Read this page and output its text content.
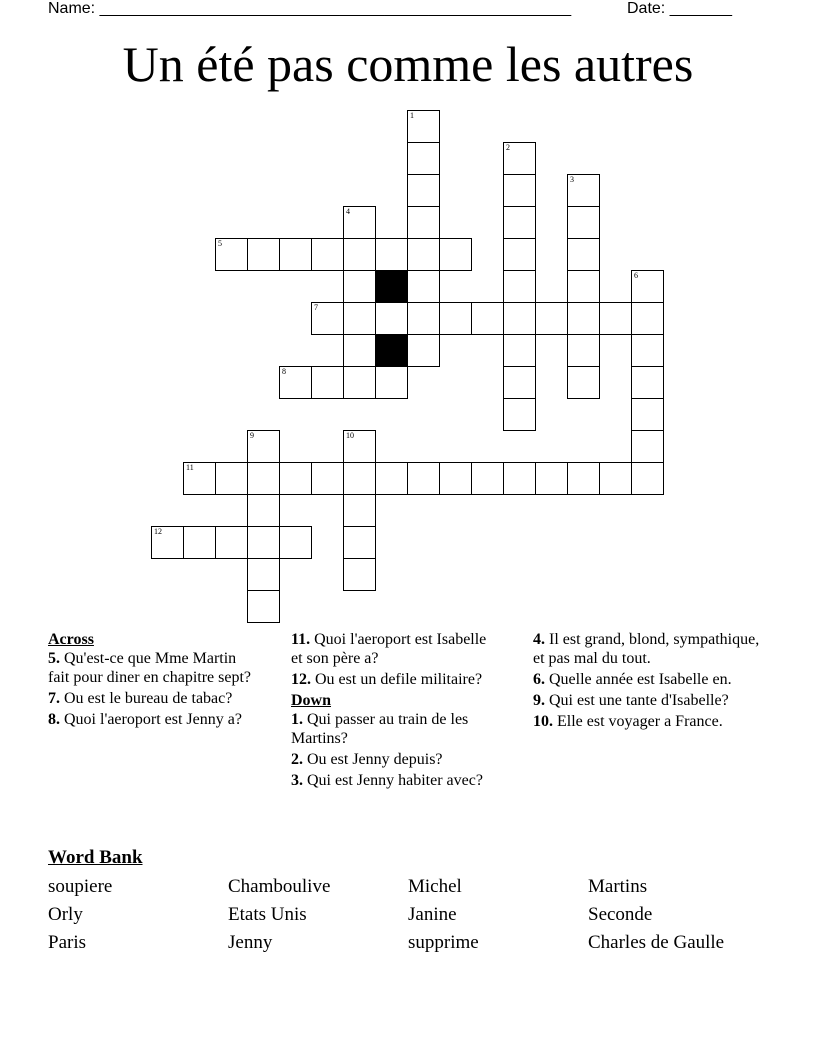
Name: _____________________________________________________	Date: _______
Un été pas comme les autres
5
7
8
11
12
1
2
3
4
6
9	10
Across
5. Qu'est-ce que Mme Martin fait pour diner en chapitre sept?
7. Ou est le bureau de tabac?
8. Quoi l'aeroport est Jenny a?
11. Quoi l'aeroport est Isabelle et son père a?
12. Ou est un defile militaire?
Down
1. Qui passer au train de les Martins?
2. Ou est Jenny depuis?
3. Qui est Jenny habiter avec?
4. Il est grand, blond, sympathique, et pas mal du tout.
6. Quelle année est Isabelle en.
9. Qui est une tante d'Isabelle?
10. Elle est voyager a France.
Word Bank
soupiere	Chamboulive	Michel	Martins
Orly	Etats Unis	Janine	Seconde
Paris	Jenny	supprime	Charles de Gaulle
